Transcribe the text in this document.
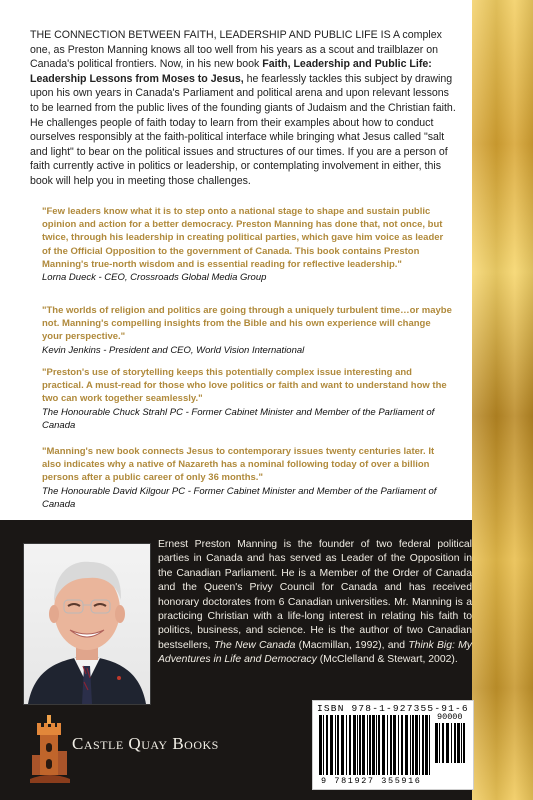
THE CONNECTION BETWEEN FAITH, LEADERSHIP AND PUBLIC LIFE IS A complex one, as Preston Manning knows all too well from his years as a scout and trailblazer on Canada's political frontiers. Now, in his new book Faith, Leadership and Public Life: Leadership Lessons from Moses to Jesus, he fearlessly tackles this subject by drawing upon his own years in Canada's Parliament and political arena and upon relevant lessons to be learned from the public lives of the founding giants of Judaism and the Christian faith. He challenges people of faith today to learn from their examples about how to conduct ourselves responsibly at the faith-political interface while bringing what Jesus called "salt and light" to bear on the political issues and structures of our times. If you are a person of faith currently active in politics or leadership, or contemplating involvement in either, this book will help you in meeting those challenges.

"Few leaders know what it is to step onto a national stage to shape and sustain public opinion and action for a better democracy. Preston Manning has done that, not once, but twice, through his leadership in creating political parties, which gave him voice as leader of the Official Opposition to the government of Canada. This book contains Preston Manning's true-north wisdom and is essential reading for reflective leadership."

Lorna Dueck - CEO, Crossroads Global Media Group

"The worlds of religion and politics are going through a uniquely turbulent time…or maybe not. Manning's compelling insights from the Bible and his own experience will change your perspective."

Kevin Jenkins - President and CEO, World Vision International

"Preston's use of storytelling keeps this potentially complex issue interesting and practical. A must-read for those who love politics or faith and want to understand how the two can work together seamlessly."

The Honourable Chuck Strahl PC - Former Cabinet Minister and Member of the Parliament of Canada

"Manning's new book connects Jesus to contemporary issues twenty centuries later. It also indicates why a native of Nazareth has a nominal following today of over a billion persons after a public career of only 36 months."

The Honourable David Kilgour PC - Former Cabinet Minister and Member of the Parliament of Canada

Ernest Preston Manning is the founder of two federal political parties in Canada and has served as Leader of the Opposition in the Canadian Parliament. He is a Member of the Order of Canada and the Queen's Privy Council for Canada and has received honorary doctorates from 6 Canadian universities. Mr. Manning is a practicing Christian with a life-long interest in relating his faith to politics, business, and science. He is the author of two Canadian bestsellers, The New Canada (Macmillan, 1992), and Think Big: My Adventures in Life and Democracy (McClelland & Stewart, 2002).

Castle Quay Books
ISBN 978-1-927355-91-6
90000
9 781927 355916
